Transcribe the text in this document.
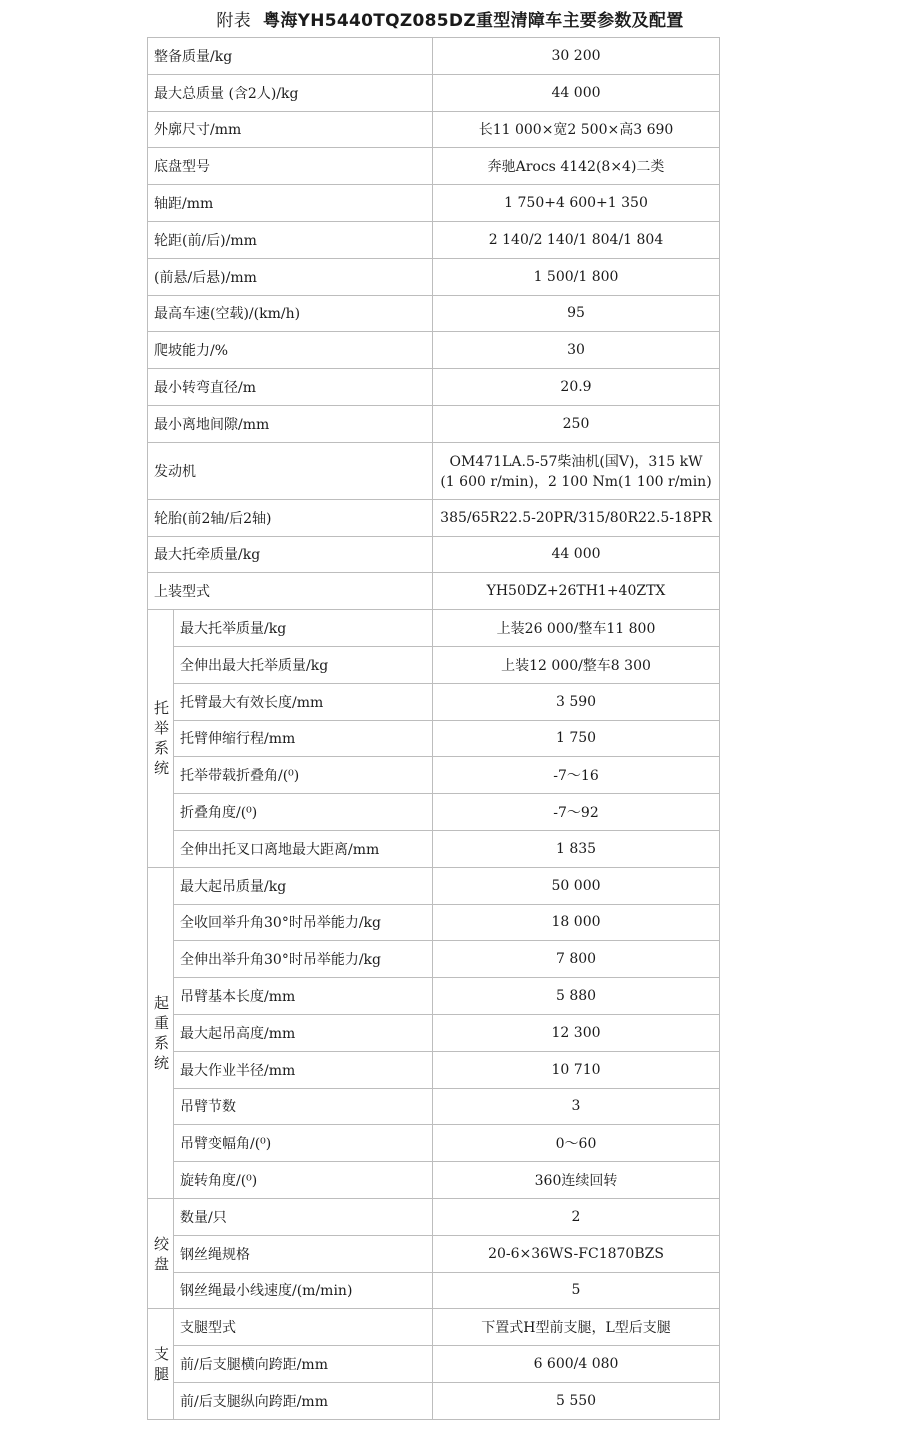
附表 粤海YH5440TQZ085DZ重型清障车主要参数及配置
整备质量/kg		30 200
最大总质量 (含2人)/kg		44 000
外廓尺寸/mm		长11 000×宽2 500×高3 690
底盘型号		奔驰Arocs 4142(8×4)二类
轴距/mm		1 750+4 600+1 350
轮距(前/后)/mm		2 140/2 140/1 804/1 804
(前悬/后悬)/mm		1 500/1 800
最高车速(空载)/(km/h)		95
爬坡能力/%		30
最小转弯直径/m		20.9
最小离地间隙/mm		250
发动机		OM471LA.5-57柴油机(国V)，315 kW
(1 600 r/min)，2 100 Nm(1 100 r/min)

轮胎(前2轴/后2轴)		385/65R22.5-20PR/315/80R22.5-18PR
最大托牵质量/kg		44 000
上装型式		YH50DZ+26TH1+40ZTX
托举系统	最大托举质量/kg	上装26 000/整车11 800
	全伸出最大托举质量/kg	上装12 000/整车8 300
	托臂最大有效长度/mm	3 590
	托臂伸缩行程/mm	1 750
	托举带载折叠角/(⁰)	-7～16
	折叠角度/(⁰)	-7～92
	全伸出托叉口离地最大距离/mm	1 835
起重系统	最大起吊质量/kg	50 000
	全收回举升角30°时吊举能力/kg	18 000
	全伸出举升角30°时吊举能力/kg	7 800
	吊臂基本长度/mm	5 880
	最大起吊高度/mm	12 300
	最大作业半径/mm	10 710
	吊臂节数	3
	吊臂变幅角/(⁰)	0～60
	旋转角度/(⁰)	360连续回转
绞盘	数量/只	2
	钢丝绳规格	20-6×36WS-FC1870BZS
	钢丝绳最小线速度/(m/min)	5
支腿	支腿型式	下置式H型前支腿，L型后支腿
	前/后支腿横向跨距/mm	6 600/4 080
	前/后支腿纵向跨距/mm	5 550
